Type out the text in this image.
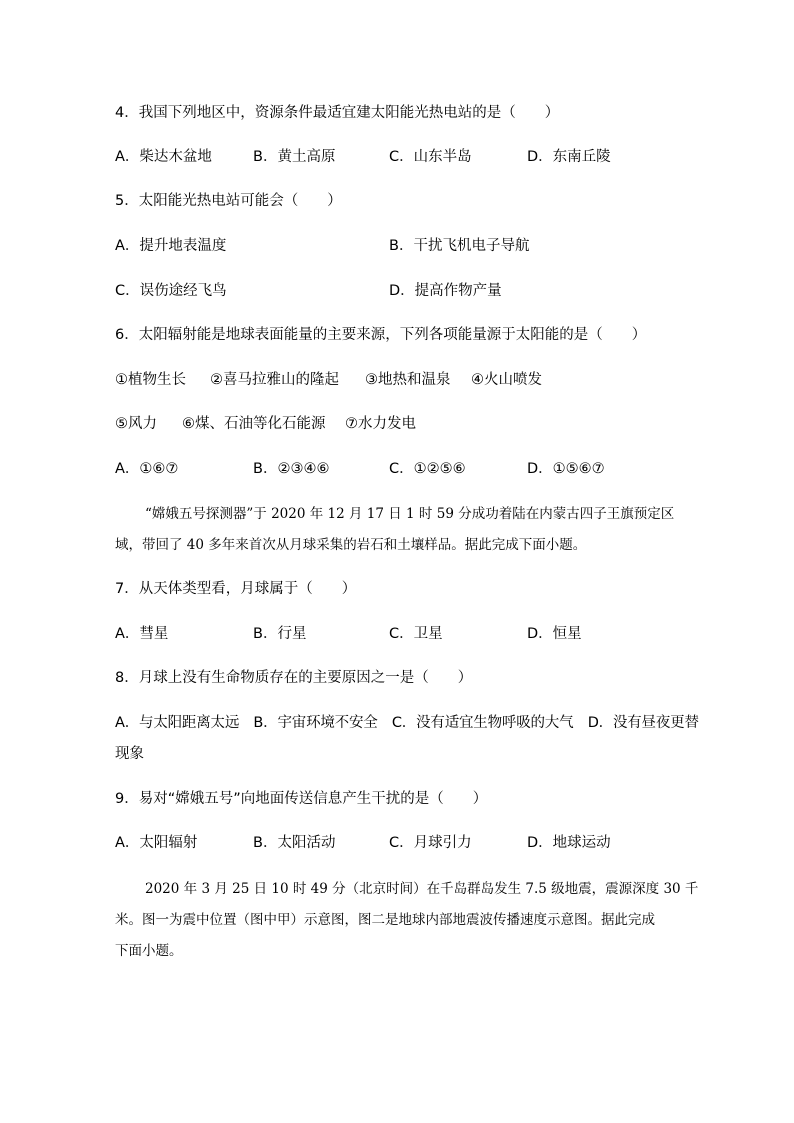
4．我国下列地区中，资源条件最适宜建太阳能光热电站的是（　　）
A．柴达木盆地	B．黄土高原	C．山东半岛	D．东南丘陵
5．太阳能光热电站可能会（　　）
A．提升地表温度	B．干扰飞机电子导航
C．误伤途经飞鸟	D．提高作物产量
6．太阳辐射能是地球表面能量的主要来源，下列各项能量源于太阳能的是（　　）
①植物生长 ②喜马拉雅山的隆起 ③地热和温泉 ④火山喷发
⑤风力 ⑥煤、石油等化石能源 ⑦水力发电
A．①⑥⑦	B．②③④⑥	C．①②⑤⑥	D．①⑤⑥⑦
“嫦娥五号探测器”于 2020 年 12 月 17 日 1 时 59 分成功着陆在内蒙古四子王旗预定区
域，带回了 40 多年来首次从月球采集的岩石和土壤样品。据此完成下面小题。
7．从天体类型看，月球属于（　　）
A．彗星	B．行星	C．卫星	D．恒星
8．月球上没有生命物质存在的主要原因之一是（　　）
A．与太阳距离太远　B．宇宙环境不安全　C．没有适宜生物呼吸的大气　D．没有昼夜更替
现象
9．易对“嫦娥五号”向地面传送信息产生干扰的是（　　）
A．太阳辐射	B．太阳活动	C．月球引力	D．地球运动
2020 年 3 月 25 日 10 时 49 分（北京时间）在千岛群岛发生 7.5 级地震，震源深度 30 千
米。图一为震中位置（图中甲）示意图，图二是地球内部地震波传播速度示意图。据此完成
下面小题。
